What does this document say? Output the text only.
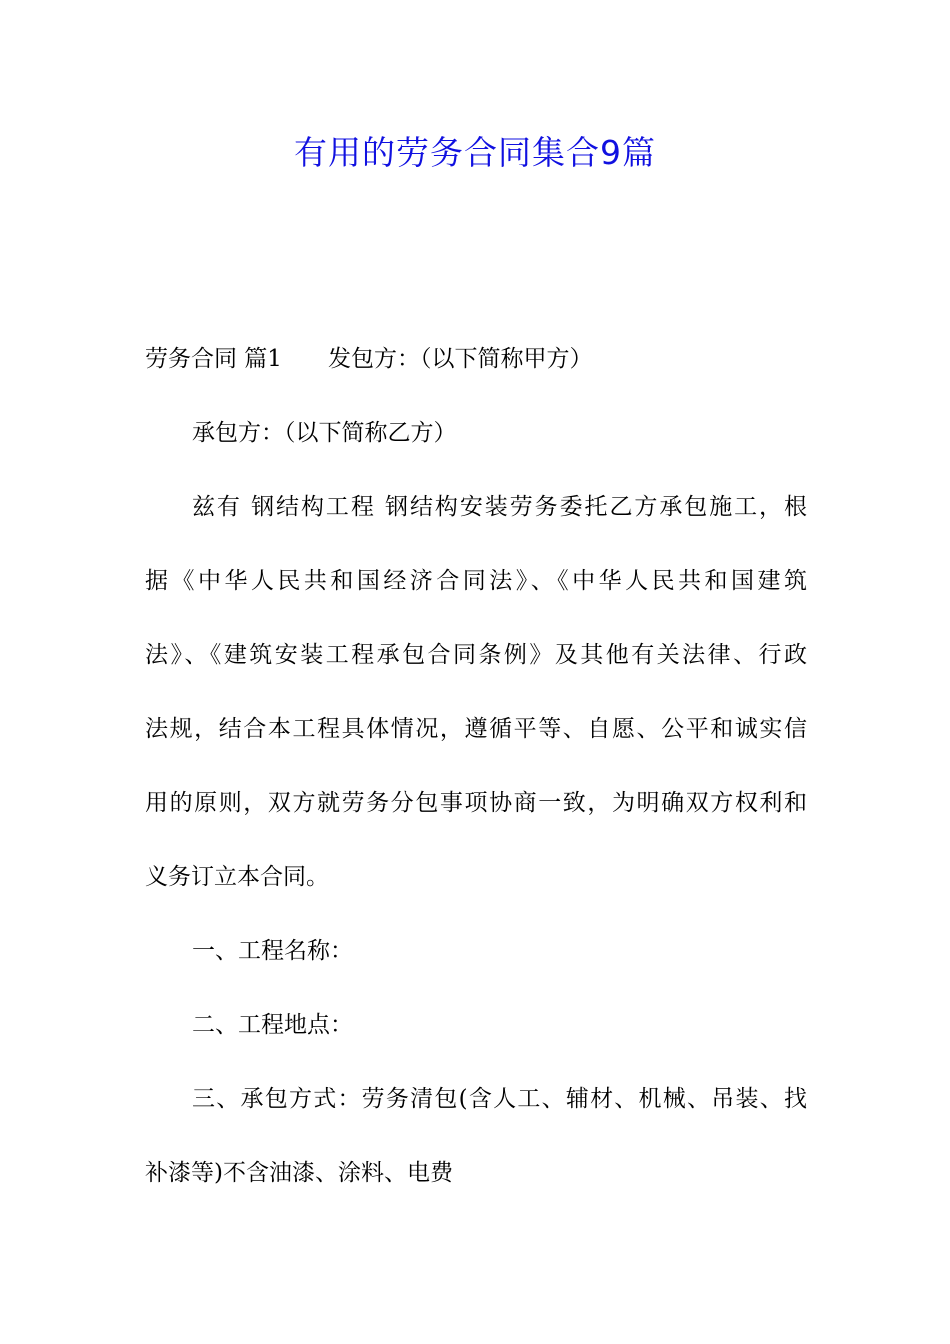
有用的劳务合同集合9篇
劳务合同 篇1 发包方：（以下简称甲方）
承包方：（以下简称乙方）
兹有 钢结构工程 钢结构安装劳务委托乙方承包施工，根
据《中华人民共和国经济合同法》、《中华人民共和国建筑
法》、《建筑安装工程承包合同条例》及其他有关法律、行政
法规，结合本工程具体情况，遵循平等、自愿、公平和诚实信
用的原则，双方就劳务分包事项协商一致，为明确双方权利和
义务订立本合同。
一、工程名称：
二、工程地点：
三、承包方式：劳务清包(含人工、辅材、机械、吊装、找
补漆等)不含油漆、涂料、电费
